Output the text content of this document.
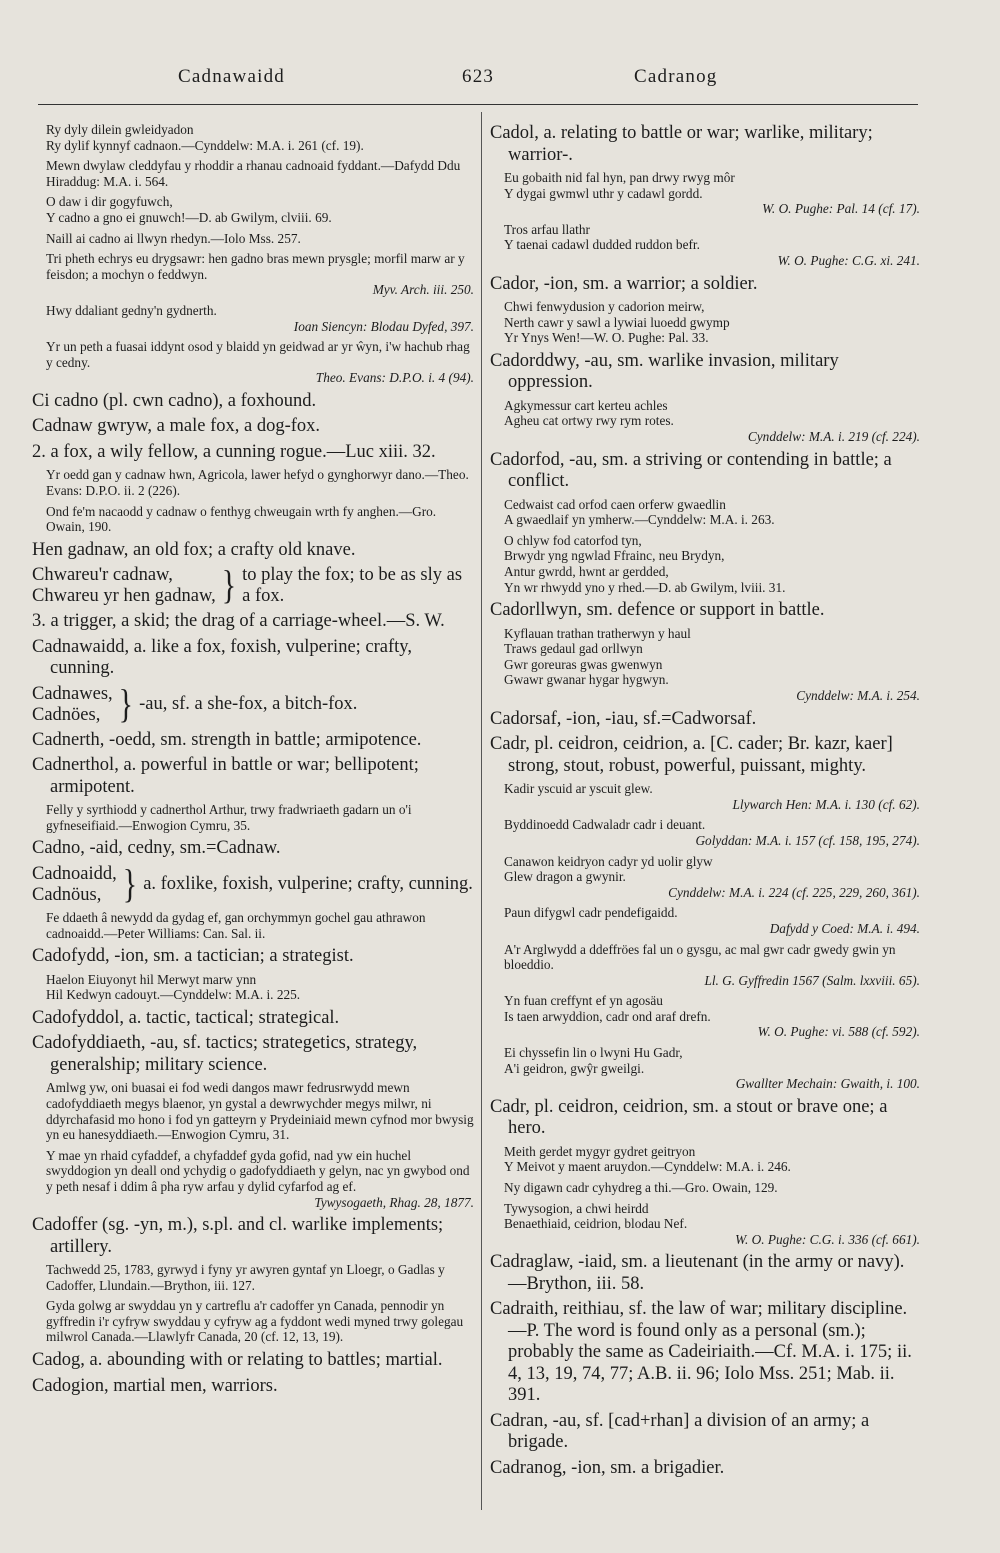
Cadnawaidd	623	Cadranog
Ry dyly dilein gwleidyadon
Ry dylif kynnyf cadnaon.—Cynddelw: M.A. i. 261 (cf. 19).
Mewn dwylaw cleddyfau y rhoddir a rhanau cadnoaid fyddant.—Dafydd Ddu Hiraddug: M.A. i. 564.
O daw i dir gogyfuwch,
Y cadno a gno ei gnuwch!—D. ab Gwilym, clviii. 69.
Naill ai cadno ai llwyn rhedyn.—Iolo Mss. 257.
Tri pheth echrys eu drygsawr: hen gadno bras mewn prysgle; morfil marw ar y feisdon; a mochyn o feddwyn.
Myv. Arch. iii. 250.
Hwy ddaliant gedny'n gydnerth.
Ioan Siencyn: Blodau Dyfed, 397.
Yr un peth a fuasai iddynt osod y blaidd yn geidwad ar yr ŵyn, i'w hachub rhag y cedny.
Theo. Evans: D.P.O. i. 4 (94).
Ci cadno (pl. cwn cadno), a foxhound.
Cadnaw gwryw, a male fox, a dog-fox.
2. a fox, a wily fellow, a cunning rogue.—Luc xiii. 32.
Yr oedd gan y cadnaw hwn, Agricola, lawer hefyd o gynghorwyr dano.—Theo. Evans: D.P.O. ii. 2 (226).
Ond fe'm nacaodd y cadnaw o fenthyg chweugain wrth fy anghen.—Gro. Owain, 190.
Hen gadnaw, an old fox; a crafty old knave.
Chwareu'r cadnaw,
Chwareu yr hen gadnaw, } to play the fox; to be as sly as a fox.
3. a trigger, a skid; the drag of a carriage-wheel.—S. W.
Cadnawaidd, a. like a fox, foxish, vulperine; crafty, cunning.
Cadnawes,
Cadnöes, } -au, sf. a she-fox, a bitch-fox.
Cadnerth, -oedd, sm. strength in battle; armipotence.
Cadnerthol, a. powerful in battle or war; bellipotent; armipotent.
Felly y syrthiodd y cadnerthol Arthur, trwy fradwriaeth gadarn un o'i gyfneseifiaid.—Enwogion Cymru, 35.
Cadno, -aid, cedny, sm.=Cadnaw.
Cadnoaidd,
Cadnöus, } a. foxlike, foxish, vulperine; crafty, cunning.
Fe ddaeth â newydd da gydag ef, gan orchymmyn gochel gau athrawon cadnoaidd.—Peter Williams: Can. Sal. ii.
Cadofydd, -ion, sm. a tactician; a strategist.
Haelon Eiuyonyt hil Merwyt marw ynn
Hil Kedwyn cadouyt.—Cynddelw: M.A. i. 225.
Cadofyddol, a. tactic, tactical; strategical.
Cadofyddiaeth, -au, sf. tactics; strategetics, strategy, generalship; military science.
Amlwg yw, oni buasai ei fod wedi dangos mawr fedrusrwydd mewn cadofyddiaeth megys blaenor, yn gystal a dewrwychder megys milwr, ni ddyrchafasid mo hono i fod yn gatteyrn y Prydeiniaid mewn cyfnod mor bwysig yn eu hanesyddiaeth.—Enwogion Cymru, 31.
Y mae yn rhaid cyfaddef, a chyfaddef gyda gofid, nad yw ein huchel swyddogion yn deall ond ychydig o gadofyddiaeth y gelyn, nac yn gwybod ond y peth nesaf i ddim â pha ryw arfau y dylid cyfarfod ag ef.
Tywysogaeth, Rhag. 28, 1877.
Cadoffer (sg. -yn, m.), s.pl. and cl. warlike implements; artillery.
Tachwedd 25, 1783, gyrwyd i fyny yr awyren gyntaf yn Lloegr, o Gadlas y Cadoffer, Llundain.—Brython, iii. 127.
Gyda golwg ar swyddau yn y cartreflu a'r cadoffer yn Canada, pennodir yn gyffredin i'r cyfryw swyddau y cyfryw ag a fyddont wedi myned trwy golegau milwrol Canada.—Llawlyfr Canada, 20 (cf. 12, 13, 19).
Cadog, a. abounding with or relating to battles; martial.
Cadogion, martial men, warriors.
Cadol, a. relating to battle or war; warlike, military; warrior-.
Eu gobaith nid fal hyn, pan drwy rwyg môr
Y dygai gwmwl uthr y cadawl gordd.
W. O. Pughe: Pal. 14 (cf. 17).
Tros arfau llathr
Y taenai cadawl dudded ruddon befr.
W. O. Pughe: C.G. xi. 241.
Cador, -ion, sm. a warrior; a soldier.
Chwi fenwydusion y cadorion meirw,
Nerth cawr y sawl a lywiai luoedd gwymp
Yr Ynys Wen!—W. O. Pughe: Pal. 33.
Cadorddwy, -au, sm. warlike invasion, military oppression.
Agkymessur cart kerteu achles
Agheu cat ortwy rwy rym rotes.
Cynddelw: M.A. i. 219 (cf. 224).
Cadorfod, -au, sm. a striving or contending in battle; a conflict.
Cedwaist cad orfod caen orferw gwaedlin
A gwaedlaif yn ymherw.—Cynddelw: M.A. i. 263.
O chlyw fod catorfod tyn,
Brwydr yng ngwlad Ffrainc, neu Brydyn,
Antur gwrdd, hwnt ar gerdded,
Yn wr rhwydd yno y rhed.—D. ab Gwilym, lviii. 31.
Cadorllwyn, sm. defence or support in battle.
Kyflauan trathan tratherwyn y haul
Traws gedaul gad orllwyn
Gwr goreuras gwas gwenwyn
Gwawr gwanar hygar hygwyn.
Cynddelw: M.A. i. 254.
Cadorsaf, -ion, -iau, sf.=Cadworsaf.
Cadr, pl. ceidron, ceidrion, a. [C. cader; Br. kazr, kaer] strong, stout, robust, powerful, puissant, mighty.
Kadir yscuid ar yscuit glew.
Llywarch Hen: M.A. i. 130 (cf. 62).
Byddinoedd Cadwaladr cadr i deuant.
Golyddan: M.A. i. 157 (cf. 158, 195, 274).
Canawon keidryon cadyr yd uolir glyw
Glew dragon a gwynir.
Cynddelw: M.A. i. 224 (cf. 225, 229, 260, 361).
Paun difygwl cadr pendefigaidd.
Dafydd y Coed: M.A. i. 494.
A'r Arglwydd a ddeffröes fal un o gysgu, ac mal gwr cadr gwedy gwin yn bloeddio.
Ll. G. Gyffredin 1567 (Salm. lxxviii. 65).
Yn fuan creffynt ef yn agosäu
Is taen arwyddion, cadr ond araf drefn.
W. O. Pughe: vi. 588 (cf. 592).
Ei chyssefin lin o lwyni Hu Gadr,
A'i geidron, gwŷr gweilgi.
Gwallter Mechain: Gwaith, i. 100.
Cadr, pl. ceidron, ceidrion, sm. a stout or brave one; a hero.
Meith gerdet mygyr gydret geitryon
Y Meivot y maent aruydon.—Cynddelw: M.A. i. 246.
Ny digawn cadr cyhydreg a thi.—Gro. Owain, 129.
Tywysogion, a chwi heirdd
Benaethiaid, ceidrion, blodau Nef.
W. O. Pughe: C.G. i. 336 (cf. 661).
Cadraglaw, -iaid, sm. a lieutenant (in the army or navy).—Brython, iii. 58.
Cadraith, reithiau, sf. the law of war; military discipline.—P. The word is found only as a personal (sm.); probably the same as Cadeiriaith.—Cf. M.A. i. 175; ii. 4, 13, 19, 74, 77; A.B. ii. 96; Iolo Mss. 251; Mab. ii. 391.
Cadran, -au, sf. [cad+rhan] a division of an army; a brigade.
Cadranog, -ion, sm. a brigadier.
